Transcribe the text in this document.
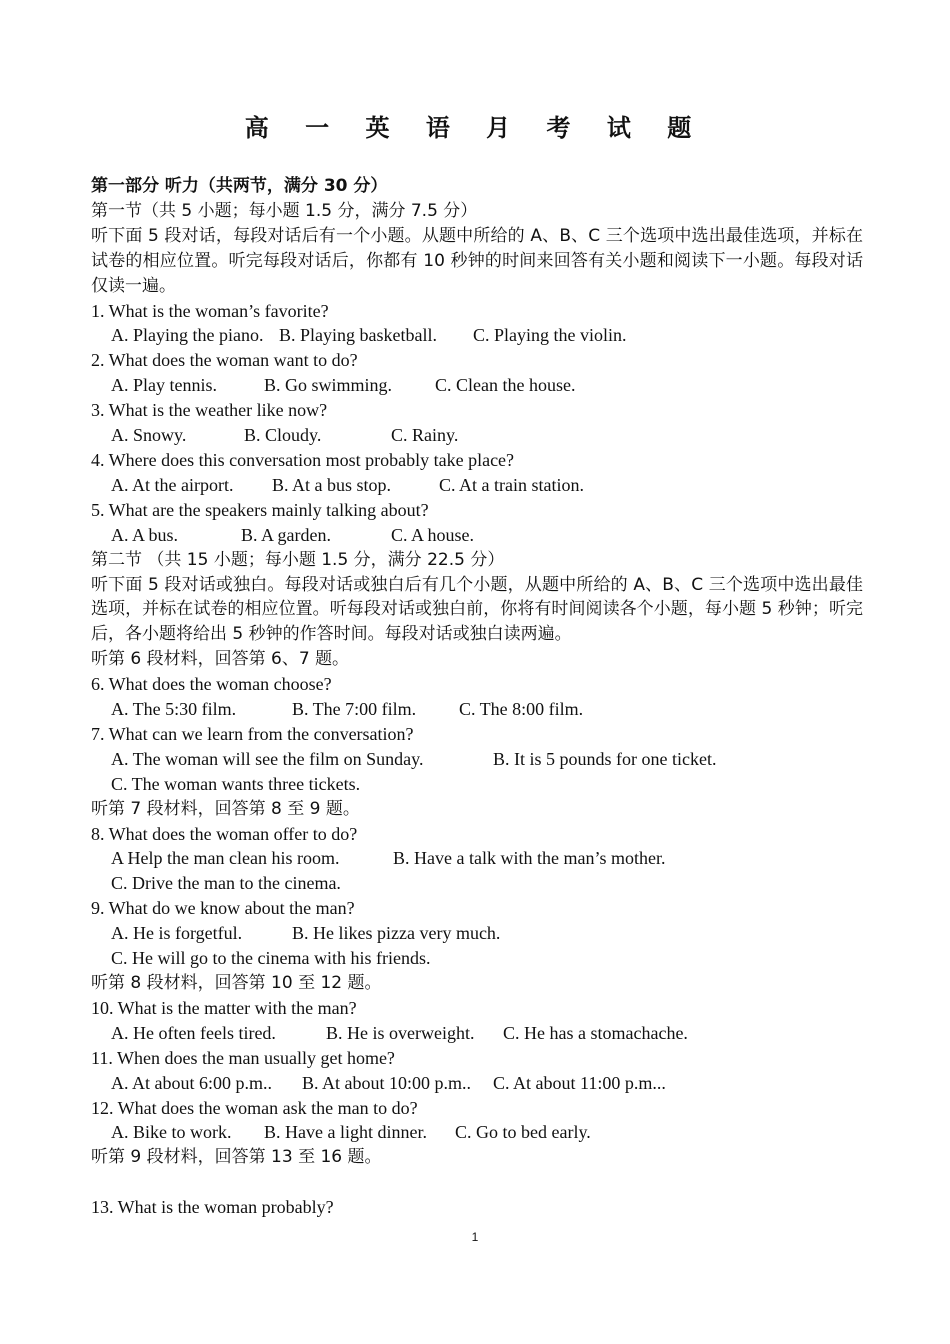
高 一 英 语 月 考 试 题
第一部分 听力（共两节，满分 30 分）
第一节（共 5 小题；每小题 1.5 分，满分 7.5 分）
听下面 5 段对话，每段对话后有一个小题。从题中所给的 A、B、C 三个选项中选出最佳选项，并标在试卷的相应位置。听完每段对话后，你都有 10 秒钟的时间来回答有关小题和阅读下一小题。每段对话仅读一遍。
1. What is the woman’s favorite?
A. Playing the piano. B. Playing basketball. C. Playing the violin.
2. What does the woman want to do?
A. Play tennis.	B. Go swimming. C. Clean the house.
3. What is the weather like now?
A. Snowy.	B. Cloudy.	C. Rainy.
4. Where does this conversation most probably take place?
A. At the airport. B. At a bus stop.	C. At a train station.
5. What are the speakers mainly talking about?
A. A bus.	B. A garden.	C. A house.
第二节 （共 15 小题；每小题 1.5 分，满分 22.5 分）
听下面 5 段对话或独白。每段对话或独白后有几个小题，从题中所给的 A、B、C 三个选项中选出最佳选项，并标在试卷的相应位置。听每段对话或独白前，你将有时间阅读各个小题，每小题 5 秒钟；听完后，各小题将给出 5 秒钟的作答时间。每段对话或独白读两遍。
听第 6 段材料，回答第 6、7 题。
6. What does the woman choose?
A. The 5:30 film.	B. The 7:00 film. C. The 8:00 film.
7. What can we learn from the conversation?
A. The woman will see the film on Sunday.	B. It is 5 pounds for one ticket.
C. The woman wants three tickets.
听第 7 段材料，回答第 8 至 9 题。
8. What does the woman offer to do?
A Help the man clean his room.	B. Have a talk with the man’s mother.
C. Drive the man to the cinema.
9. What do we know about the man?
A. He is forgetful.	B. He likes pizza very much.
C. He will go to the cinema with his friends.
听第 8 段材料，回答第 10 至 12 题。
10. What is the matter with the man?
A. He often feels tired.	B. He is overweight. C. He has a stomachache.
11. When does the man usually get home?
A. At about 6:00 p.m.. B. At about 10:00 p.m.. C. At about 11:00 p.m...
12. What does the woman ask the man to do?
A. Bike to work. B. Have a light dinner. C. Go to bed early.
听第 9 段材料，回答第 13 至 16 题。
13. What is the woman probably?
1
